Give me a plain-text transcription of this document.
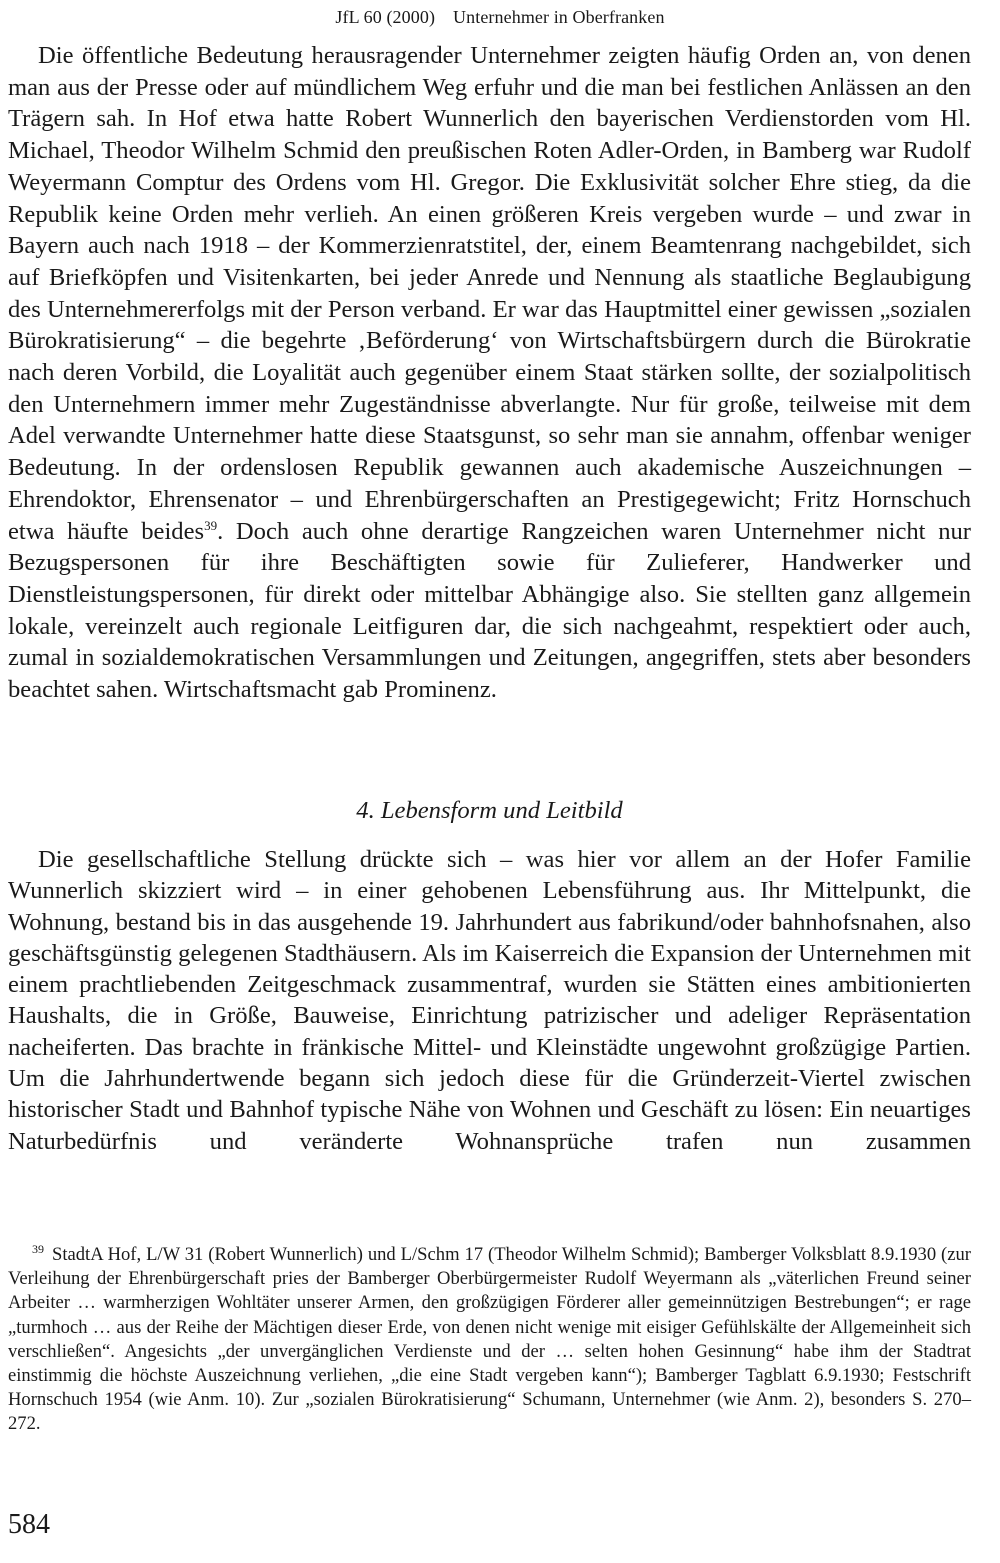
JfL 60 (2000) Unternehmer in Oberfranken

Die öffentliche Bedeutung herausragender Unternehmer zeigten häufig Orden an, von denen man aus der Presse oder auf mündlichem Weg erfuhr und die man bei festlichen Anlässen an den Trägern sah. In Hof etwa hatte Robert Wunnerlich den bayerischen Verdienstorden vom Hl. Michael, Theodor Wilhelm Schmid den preußischen Roten Adler-Orden, in Bamberg war Rudolf Weyermann Comptur des Ordens vom Hl. Gregor. Die Exklusivität solcher Ehre stieg, da die Republik keine Orden mehr verlieh. An einen größeren Kreis vergeben wurde – und zwar in Bayern auch nach 1918 – der Kommerzienratstitel, der, einem Beamtenrang nachgebildet, sich auf Briefköpfen und Visitenkarten, bei jeder Anrede und Nennung als staatliche Beglaubigung des Unternehmererfolgs mit der Person verband. Er war das Hauptmittel einer gewissen „sozialen Bürokratisierung“ – die begehrte ‚Beförderung‘ von Wirtschaftsbürgern durch die Bürokratie nach deren Vorbild, die Loyalität auch gegenüber einem Staat stärken sollte, der sozialpolitisch den Unternehmern immer mehr Zugeständnisse abverlangte. Nur für große, teilweise mit dem Adel verwandte Unternehmer hatte diese Staatsgunst, so sehr man sie annahm, offenbar weniger Bedeutung. In der ordenslosen Republik gewannen auch akademische Auszeichnungen – Ehrendoktor, Ehrensenator – und Ehrenbürgerschaften an Prestigegewicht; Fritz Hornschuch etwa häufte beides$^{39}$. Doch auch ohne derartige Rangzeichen waren Unternehmer nicht nur Bezugspersonen für ihre Beschäftigten sowie für Zulieferer, Handwerker und Dienstleistungspersonen, für direkt oder mittelbar Abhängige also. Sie stellten ganz allgemein lokale, vereinzelt auch regionale Leitfiguren dar, die sich nachgeahmt, respektiert oder auch, zumal in sozialdemokratischen Versammlungen und Zeitungen, angegriffen, stets aber besonders beachtet sahen. Wirtschaftsmacht gab Prominenz.

4. Lebensform und Leitbild

Die gesellschaftliche Stellung drückte sich – was hier vor allem an der Hofer Familie Wunnerlich skizziert wird – in einer gehobenen Lebensführung aus. Ihr Mittelpunkt, die Wohnung, bestand bis in das ausgehende 19. Jahrhundert aus fabrikund/oder bahnhofsnahen, also geschäftsgünstig gelegenen Stadthäusern. Als im Kaiserreich die Expansion der Unternehmen mit einem prachtliebenden Zeitgeschmack zusammentraf, wurden sie Stätten eines ambitionierten Haushalts, die in Größe, Bauweise, Einrichtung patrizischer und adeliger Repräsentation nacheiferten. Das brachte in fränkische Mittel- und Kleinstädte ungewohnt großzügige Partien. Um die Jahrhundertwende begann sich jedoch diese für die Gründerzeit-Viertel zwischen historischer Stadt und Bahnhof typische Nähe von Wohnen und Geschäft zu lösen: Ein neuartiges Naturbedürfnis und veränderte Wohnansprüche trafen nun zusammen

$^{39}$ StadtA Hof, L/W 31 (Robert Wunnerlich) und L/Schm 17 (Theodor Wilhelm Schmid); Bamberger Volksblatt 8.9.1930 (zur Verleihung der Ehrenbürgerschaft pries der Bamberger Oberbürgermeister Rudolf Weyermann als „väterlichen Freund seiner Arbeiter … warmherzigen Wohltäter unserer Armen, den großzügigen Förderer aller gemeinnützigen Bestrebungen“; er rage „turmhoch … aus der Reihe der Mächtigen dieser Erde, von denen nicht wenige mit eisiger Gefühlskälte der Allgemeinheit sich verschließen“. Angesichts „der unvergänglichen Verdienste und der … selten hohen Gesinnung“ habe ihm der Stadtrat einstimmig die höchste Auszeichnung verliehen, „die eine Stadt vergeben kann“); Bamberger Tagblatt 6.9.1930; Festschrift Hornschuch 1954 (wie Anm. 10). Zur „sozialen Bürokratisierung“ Schumann, Unternehmer (wie Anm. 2), besonders S. 270–272.

584
